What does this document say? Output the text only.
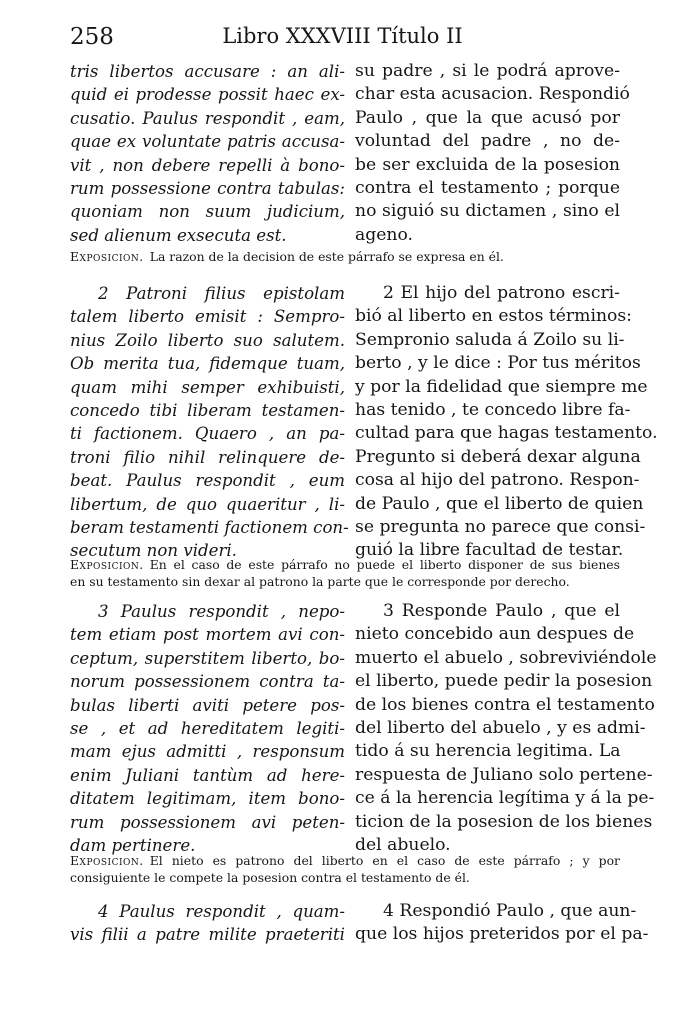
258	Libro XXXVIII Título II
tris libertos accusare : an ali-
quid ei prodesse possit haec ex-
cusatio. Paulus respondit , eam,
quae ex voluntate patris accusa-
vit , non debere repelli à bono-
rum possessione contra tabulas:
quoniam non suum judicium,
sed alienum exsecuta est.
su padre , si le podrá aprove-
char esta acusacion. Respondió
Paulo , que la que acusó por
voluntad del padre , no de-
be ser excluida de la posesion
contra el testamento ; porque
no siguió su dictamen , sino el
ageno.
Exposicion. La razon de la decision de este párrafo se expresa en él.
2 Patroni filius epistolam
talem liberto emisit : Sempro-
nius Zoilo liberto suo salutem.
Ob merita tua, fidemque tuam,
quam mihi semper exhibuisti,
concedo tibi liberam testamen-
ti factionem. Quaero , an pa-
troni filio nihil relinquere de-
beat. Paulus respondit , eum
libertum, de quo quaeritur , li-
beram testamenti factionem con-
secutum non videri.
2 El hijo del patrono escri-
bió al liberto en estos términos:
Sempronio saluda á Zoilo su li-
berto , y le dice : Por tus méritos
y por la fidelidad que siempre me
has tenido , te concedo libre fa-
cultad para que hagas testamento.
Pregunto si deberá dexar alguna
cosa al hijo del patrono. Respon-
de Paulo , que el liberto de quien
se pregunta no parece que consi-
guió la libre facultad de testar.
Exposicion. En el caso de este párrafo no puede el liberto disponer de sus bienes
en su testamento sin dexar al patrono la parte que le corresponde por derecho.
3 Paulus respondit , nepo-
tem etiam post mortem avi con-
ceptum, superstitem liberto, bo-
norum possessionem contra ta-
bulas liberti aviti petere pos-
se , et ad hereditatem legiti-
mam ejus admitti , responsum
enim Juliani tantùm ad here-
ditatem legitimam, item bono-
rum possessionem avi peten-
dam pertinere.
3 Responde Paulo , que el
nieto concebido aun despues de
muerto el abuelo , sobreviviéndole
el liberto, puede pedir la posesion
de los bienes contra el testamento
del liberto del abuelo , y es admi-
tido á su herencia legitima. La
respuesta de Juliano solo pertene-
ce á la herencia legítima y á la pe-
ticion de la posesion de los bienes
del abuelo.
Exposicion. El nieto es patrono del liberto en el caso de este párrafo ; y por
consiguiente le compete la posesion contra el testamento de él.
4 Paulus respondit , quam-
vis filii a patre milite praeteriti
4 Respondió Paulo , que aun-
que los hijos preteridos por el pa-
